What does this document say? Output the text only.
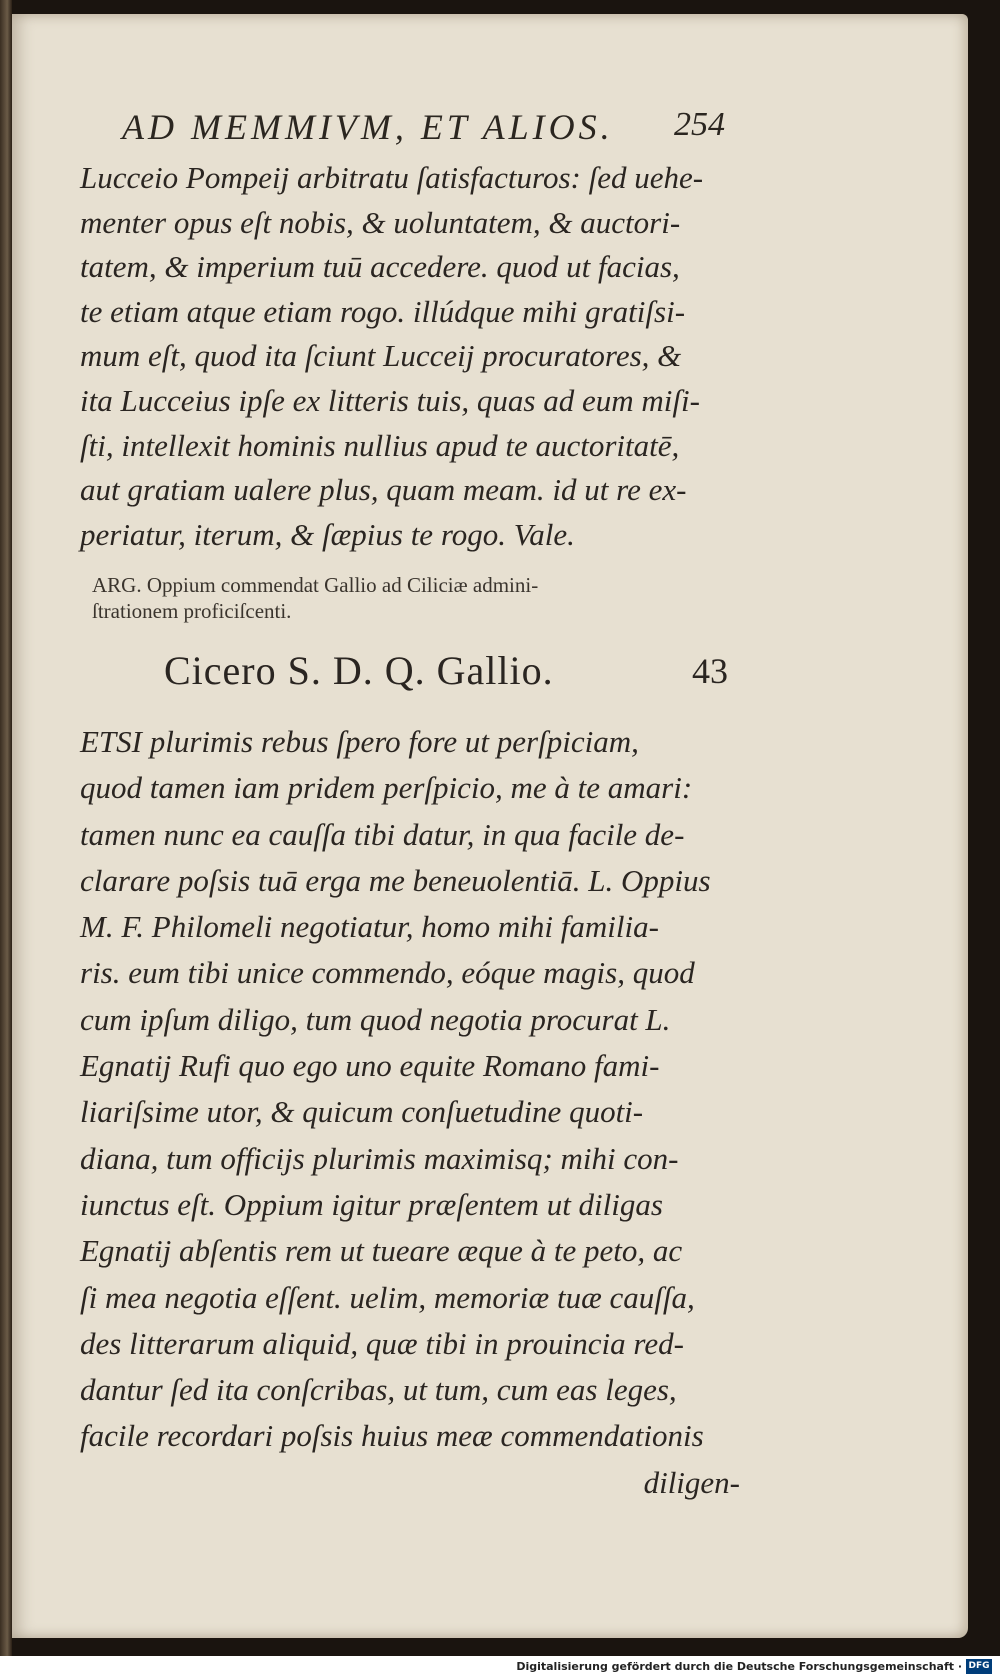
AD MEMMIVM, ET ALIOS.	254
Lucceio Pompeij arbitratu ſatisfacturos: ſed uehe-
menter opus eſt nobis, & uoluntatem, & auctori-
tatem, & imperium tuū accedere. quod ut facias,
te etiam atque etiam rogo. illúdque mihi gratiſsi-
mum eſt, quod ita ſciunt Lucceij procuratores, &
ita Lucceius ipſe ex litteris tuis, quas ad eum miſi-
ſti, intellexit hominis nullius apud te auctoritatē,
aut gratiam ualere plus, quam meam. id ut re ex-
periatur, iterum, & ſæpius te rogo. Vale.
ARG. Oppium commendat Gallio ad Ciliciæ admini-
ſtrationem proficiſcenti.
Cicero S. D. Q. Gallio.	43
ETSI plurimis rebus ſpero fore ut perſpiciam,
quod tamen iam pridem perſpicio, me à te amari:
tamen nunc ea cauſſa tibi datur, in qua facile de-
clarare poſsis tuā erga me beneuolentiā. L. Oppius
M. F. Philomeli negotiatur, homo mihi familia-
ris. eum tibi unice commendo, eóque magis, quod
cum ipſum diligo, tum quod negotia procurat L.
Egnatij Rufi quo ego uno equite Romano fami-
liariſsime utor, & quicum conſuetudine quoti-
diana, tum officijs plurimis maximisq; mihi con-
iunctus eſt. Oppium igitur præſentem ut diligas
Egnatij abſentis rem ut tueare æque à te peto, ac
ſi mea negotia eſſent. uelim, memoriæ tuæ cauſſa,
des litterarum aliquid, quæ tibi in prouincia red-
dantur ſed ita conſcribas, ut tum, cum eas leges,
facile recordari poſsis huius meæ commendationis
diligen-
Digitalisierung gefördert durch die Deutsche Forschungsgemeinschaft · DFG
